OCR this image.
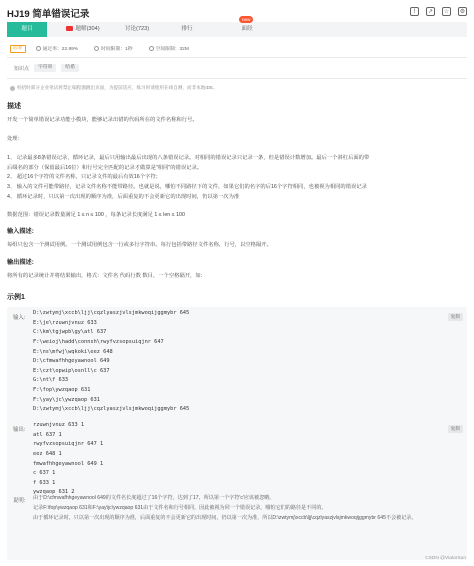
HJ19 简单错误记录	!	↗	☆	⚙
题目	题解(304)	讨论(723)	排行	面经
new
较难	通过率：22.99%	时间限制：1秒	空间限制：32M
知识点	字符串	哈希
校招时部分企业笔试将禁止编程题跳出页面，为提前适应，练习时请使用在线自测，而非本地IDE。
描述
开发一个简单错误记录功能小模块，能够记录出错的代码所在的文件名称和行号。
处理：
1、 记录最多8条错误记录，循环记录，最后只用输出最后出现的八条错误记录。对相同的错误记录只记录一条，但是错误计数增加。最后一个斜杠后面的带
后缀名的部分（保留最后16位）和行号完全匹配的记录才做算是"相同"的错误记录。
2、 超过16个字符的文件名称，只记录文件的最后有效16个字符；
3、 输入的文件可能带路径，记录文件名称不能带路径。也就是说，哪怕不同路径下的文件，如果它们的名字的后16个字符相同，也被视为相同的错误记录
4、 循环记录时，只以第一次出现的顺序为准，后面重复的不会更新它的出现时间，仍以第一次为准
数据范围：错误记录数量满足 1 ≤ n ≤ 100 ，每条记录长度满足 1 ≤ len ≤ 100
输入描述:
每组只包含一个测试用例。一个测试用例包含一行或多行字符串。每行包括带路径文件名称，行号，以空格隔开。
输出描述:
将所有的记录统计并将结果输出，格式：文件名 代码行数 数目，一个空格隔开，如:
示例1
输入:	复制
D:\zwtymj\xccb\ljj\cqzlyaszjvlsjmkwoqijggmybr 645
E:\je\rzuwnjvnuz 633
C:\km\tgjwpb\gy\atl 637
F:\weioj\hadd\connsh\rwyfvzsopsuiqjnr 647
E:\ns\mfwj\wqkoki\eez 648
D:\cfmwafhhgeyawnool 649
E:\czt\opwip\osnll\c 637
G:\nt\f 633
F:\fop\ywzqaop 631
F:\yay\jc\ywzqaop 631
D:\zwtymj\xccb\ljj\cqzlyaszjvlsjmkwoqijggmybr 645
输出:	复制
rzuwnjvnuz 633 1
atl 637 1
rwyfvzsopsuiqjnr 647 1
eez 648 1
fmwafhhgeyawnool 649 1
c 637 1
f 633 1
ywzqaop 631 2
说明: 由于D:\cfmwafhhgeyawnool 649的文件名长度超过了16个字符，达到了17，所以第一个字符'c'应该被忽略。
记录F:\fop\ywzqaop 631和F:\yay\jc\ywzqaop 631由于文件名和行号相同，因此被视为同一个错误记录，哪怕它们的路径是不同的。
由于循环记录时，只以第一次出现的顺序为准，后面重复的不会更新它的出现时间，仍以第一次为准，所以D:\zwtymj\xccb\ljj\cqzlyaszjvlsjmkwoqijggmybr 645不会被记录。
CSDN @ViatorSun
